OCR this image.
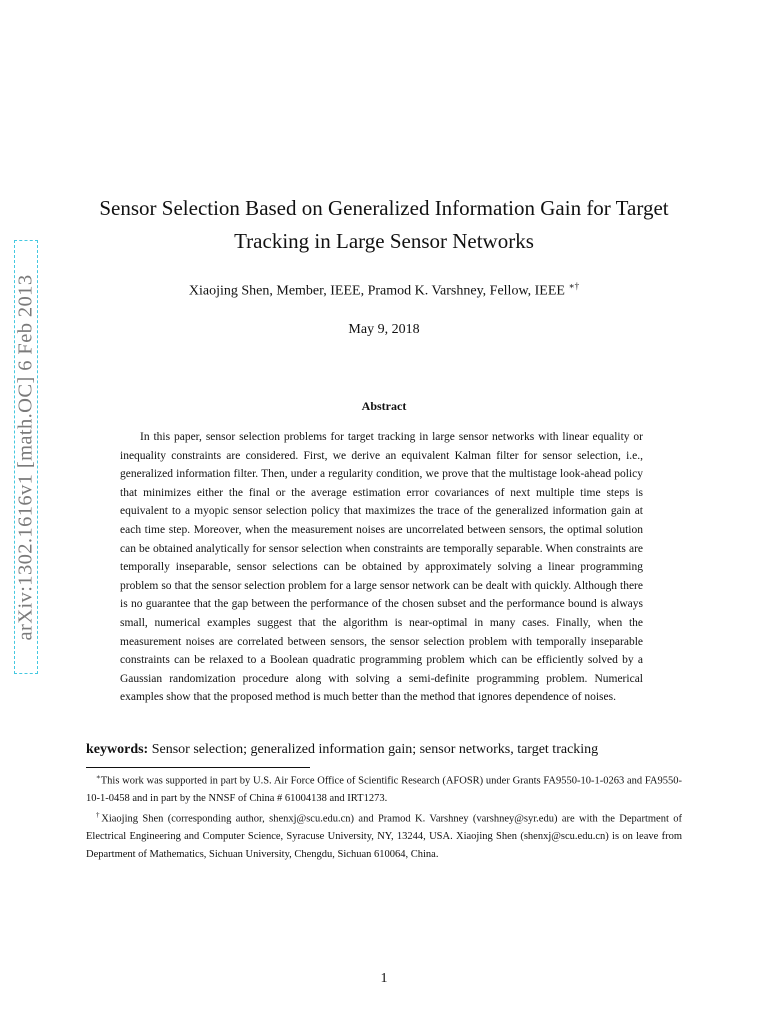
arXiv:1302.1616v1 [math.OC] 6 Feb 2013
Sensor Selection Based on Generalized Information Gain for Target
Tracking in Large Sensor Networks
Xiaojing Shen, Member, IEEE, Pramod K. Varshney, Fellow, IEEE ∗†
May 9, 2018
Abstract

In this paper, sensor selection problems for target tracking in large sensor networks with linear equality or inequality constraints are considered. First, we derive an equivalent Kalman filter for sensor selection, i.e., generalized information filter. Then, under a regularity condition, we prove that the multistage look-ahead policy that minimizes either the final or the average estimation error covariances of next multiple time steps is equivalent to a myopic sensor selection policy that maximizes the trace of the generalized information gain at each time step. Moreover, when the measurement noises are uncorrelated between sensors, the optimal solution can be obtained analytically for sensor selection when constraints are temporally separable. When constraints are temporally inseparable, sensor selections can be obtained by approximately solving a linear programming problem so that the sensor selection problem for a large sensor network can be dealt with quickly. Although there is no guarantee that the gap between the performance of the chosen subset and the performance bound is always small, numerical examples suggest that the algorithm is near-optimal in many cases. Finally, when the measurement noises are correlated between sensors, the sensor selection problem with temporally inseparable constraints can be relaxed to a Boolean quadratic programming problem which can be efficiently solved by a Gaussian randomization procedure along with solving a semi-definite programming problem. Numerical examples show that the proposed method is much better than the method that ignores dependence of noises.

keywords: Sensor selection; generalized information gain; sensor networks, target tracking

∗This work was supported in part by U.S. Air Force Office of Scientific Research (AFOSR) under Grants FA9550-10-1-0263 and FA9550-10-1-0458 and in part by the NNSF of China # 61004138 and IRT1273.

†Xiaojing Shen (corresponding author, shenxj@scu.edu.cn) and Pramod K. Varshney (varshney@syr.edu) are with the Department of Electrical Engineering and Computer Science, Syracuse University, NY, 13244, USA. Xiaojing Shen (shenxj@scu.edu.cn) is on leave from Department of Mathematics, Sichuan University, Chengdu, Sichuan 610064, China.

1
